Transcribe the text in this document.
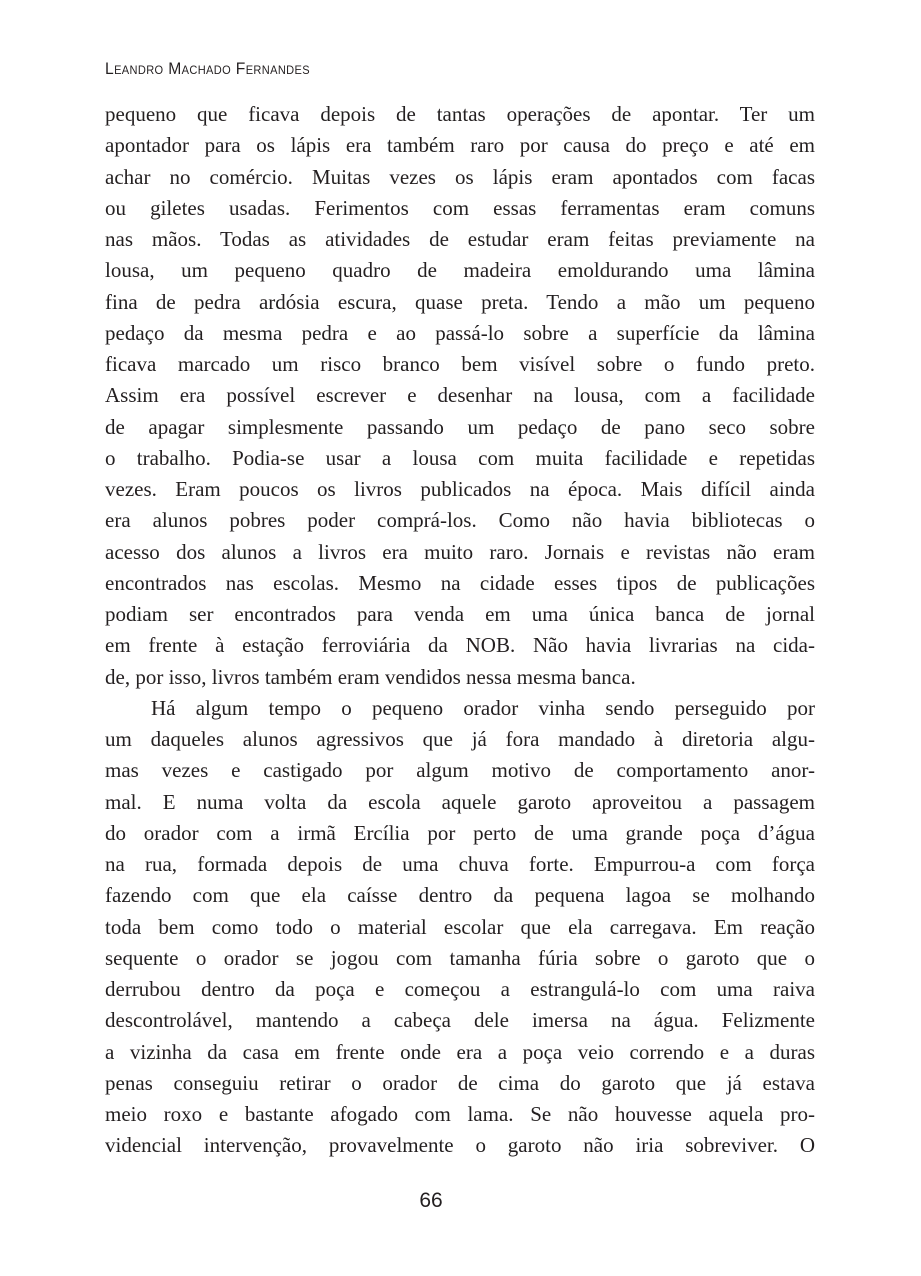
Leandro Machado Fernandes
pequeno que ficava depois de tantas operações de apontar. Ter um
apontador para os lápis era também raro por causa do preço e até em
achar no comércio. Muitas vezes os lápis eram apontados com facas
ou giletes usadas. Ferimentos com essas ferramentas eram comuns
nas mãos. Todas as atividades de estudar eram feitas previamente na
lousa, um pequeno quadro de madeira emoldurando uma lâmina
fina de pedra ardósia escura, quase preta. Tendo a mão um pequeno
pedaço da mesma pedra e ao passá-lo sobre a superfície da lâmina
ficava marcado um risco branco bem visível sobre o fundo preto.
Assim era possível escrever e desenhar na lousa, com a facilidade
de apagar simplesmente passando um pedaço de pano seco sobre
o trabalho. Podia-se usar a lousa com muita facilidade e repetidas
vezes. Eram poucos os livros publicados na época. Mais difícil ainda
era alunos pobres poder comprá-los. Como não havia bibliotecas o
acesso dos alunos a livros era muito raro. Jornais e revistas não eram
encontrados nas escolas. Mesmo na cidade esses tipos de publicações
podiam ser encontrados para venda em uma única banca de jornal
em frente à estação ferroviária da NOB. Não havia livrarias na cida-
de, por isso, livros também eram vendidos nessa mesma banca.
Há algum tempo o pequeno orador vinha sendo perseguido por
um daqueles alunos agressivos que já fora mandado à diretoria algu-
mas vezes e castigado por algum motivo de comportamento anor-
mal. E numa volta da escola aquele garoto aproveitou a passagem
do orador com a irmã Ercília por perto de uma grande poça d’água
na rua, formada depois de uma chuva forte. Empurrou-a com força
fazendo com que ela caísse dentro da pequena lagoa se molhando
toda bem como todo o material escolar que ela carregava. Em reação
sequente o orador se jogou com tamanha fúria sobre o garoto que o
derrubou dentro da poça e começou a estrangulá-lo com uma raiva
descontrolável, mantendo a cabeça dele imersa na água. Felizmente
a vizinha da casa em frente onde era a poça veio correndo e a duras
penas conseguiu retirar o orador de cima do garoto que já estava
meio roxo e bastante afogado com lama. Se não houvesse aquela pro-
videncial intervenção, provavelmente o garoto não iria sobreviver. O
66
